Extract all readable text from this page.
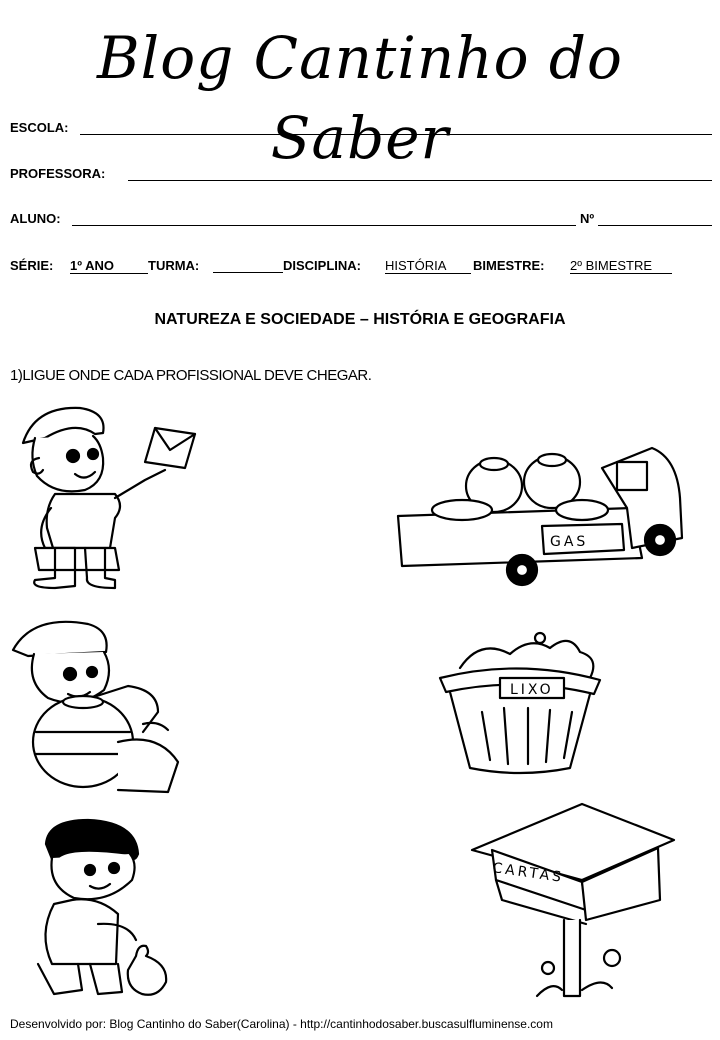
Blog Cantinho do Saber
ESCOLA:
PROFESSORA:
ALUNO:	Nº
SÉRIE: 1º ANO	TURMA:	DISCIPLINA: HISTÓRIA	BIMESTRE: 2º BIMESTRE
NATUREZA E SOCIEDADE – HISTÓRIA E GEOGRAFIA
1)LIGUE ONDE CADA PROFISSIONAL DEVE CHEGAR.
GAS
LIXO
CARTAS
Desenvolvido por: Blog Cantinho do Saber(Carolina) - http://cantinhodosaber.buscasulfluminense.com
